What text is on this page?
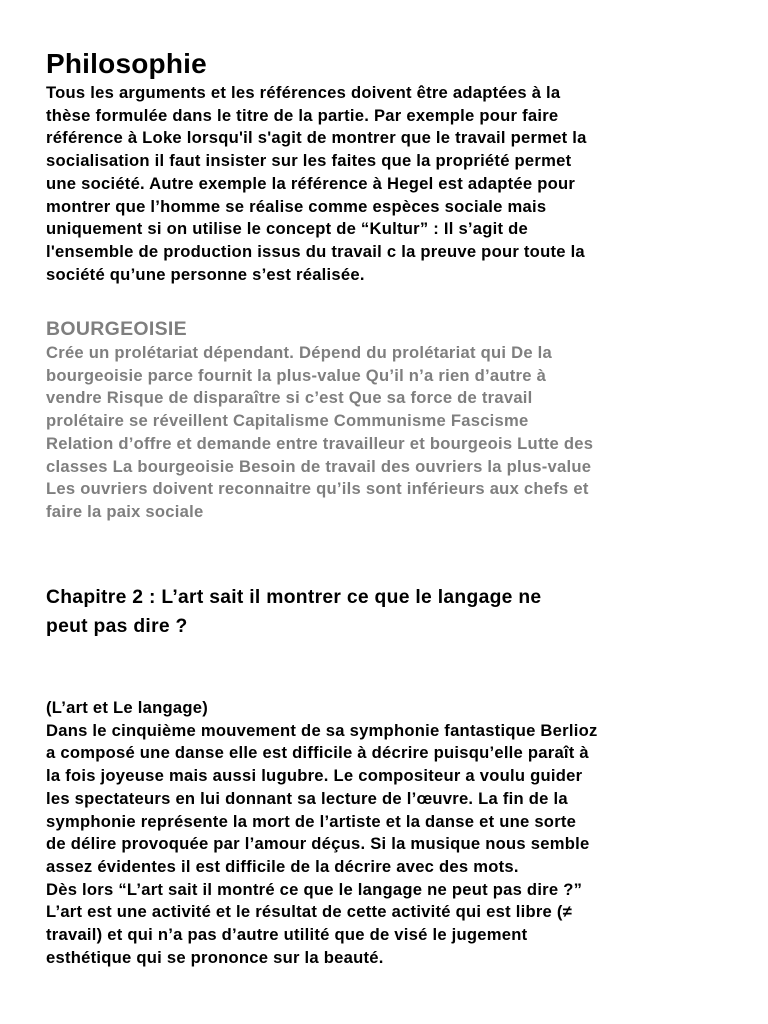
Philosophie

Tous les arguments et les références doivent être adaptées à la
thèse formulée dans le titre de la partie. Par exemple pour faire
référence à Loke lorsqu'il s'agit de montrer que le travail permet la
socialisation il faut insister sur les faites que la propriété permet
une société. Autre exemple la référence à Hegel est adaptée pour
montrer que l’homme se réalise comme espèces sociale mais
uniquement si on utilise le concept de “Kultur” : Il s’agit de
l'ensemble de production issus du travail c la preuve pour toute la
société qu’une personne s’est réalisée.

BOURGEOISIE

Crée un prolétariat dépendant. Dépend du prolétariat qui De la
bourgeoisie parce fournit la plus-value Qu’il n’a rien d’autre à
vendre Risque de disparaître si c’est Que sa force de travail
prolétaire se réveillent Capitalisme Communisme Fascisme
Relation d’offre et demande entre travailleur et bourgeois Lutte des
classes La bourgeoisie Besoin de travail des ouvriers la plus-value
Les ouvriers doivent reconnaitre qu’ils sont inférieurs aux chefs et
faire la paix sociale

Chapitre 2 : L’art sait il montrer ce que le langage ne
peut pas dire ?

(L’art et Le langage)
Dans le cinquième mouvement de sa symphonie fantastique Berlioz
a composé une danse elle est difficile à décrire puisqu’elle paraît à
la fois joyeuse mais aussi lugubre. Le compositeur a voulu guider
les spectateurs en lui donnant sa lecture de l’œuvre. La fin de la
symphonie représente la mort de l’artiste et la danse et une sorte
de délire provoquée par l’amour déçus. Si la musique nous semble
assez évidentes il est difficile de la décrire avec des mots.
Dès lors “L’art sait il montré ce que le langage ne peut pas dire ?”
L’art est une activité et le résultat de cette activité qui est libre (≠
travail) et qui n’a pas d’autre utilité que de visé le jugement
esthétique qui se prononce sur la beauté.
